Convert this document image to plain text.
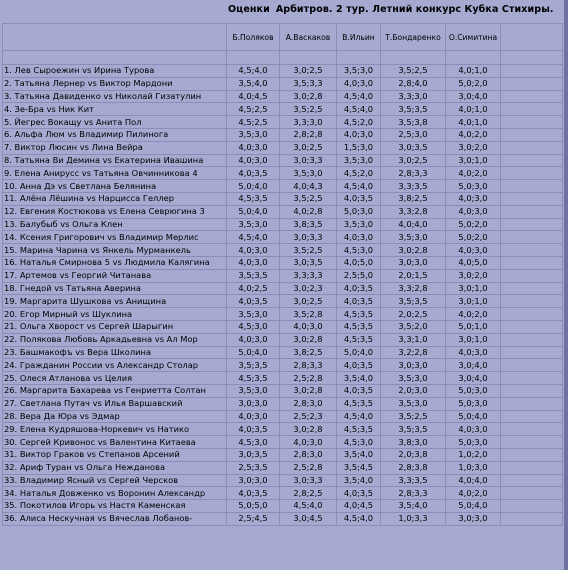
Оценки Арбитров. 2 тур. Летний конкурс Кубка Стихиры.
	Б.Поляков	А.Васкаков	В.Ильин	Т.Бондаренко	О.Симитина	

1. Лев Сыроежин vs Ирина Турова	4,5;4,0	3,0;2,5	3,5;3,0	3,5;2,5	4,0;1,0	
2. Татьяна Лернер vs Виктор Мардони	3,5;4,0	3,5;3,3	4,0;3,0	2,8;4,0	5,0;2,0	
3. Татьяна Давиденко vs Николай Гизатулин	4,0;4,5	3,0;2,8	4,5;4,0	3,3;3,0	3,0;4,0	
4. Зе-Бра vs Ник Кит	4,5;2,5	3,5;2,5	4,5;4,0	3,5;3,5	4,0;1,0	
5. Йегрес Вокащу vs Анита Пол	4,5;2,5	3,3;3,0	4,5;2,0	3,5;3,8	4,0;1,0	
6. Альфа Люм vs Владимир Пилинога	3,5;3,0	2,8;2,8	4,0;3,0	2,5;3,0	4,0;2,0	
7. Виктор Люсин vs Лина Вейра	4,0;3,0	3,0;2,5	1,5;3,0	3,0;3,5	3,0;2,0	
8. Татьяна Ви Демина vs Екатерина Ивашина	4,0;3,0	3,0;3,3	3,5;3,0	3,0;2,5	3,0;1,0	
9. Елена Анирусс vs Татьяна Овчинникова 4	4,0;3,5	3,5;3,0	4,5;2,0	2,8;3,3	4,0;2,0	
10. Анна Дэ vs Светлана Белянина	5,0;4,0	4,0;4,3	4,5;4,0	3,3;3,5	5,0;3,0	
11. Алёна Лёшина vs Нарцисса Геллер	4,5;3,5	3,5;2,5	4,0;3,5	3,8;2,5	4,0;3,0	
12. Евгения Костюкова vs Елена Севрюгина 3	5,0;4,0	4,0;2,8	5,0;3,0	3,3;2,8	4,0;3,0	
13. Балубыб vs Ольга Клен	3,5;3,0	3,8;3,5	3,5;3,0	4,0;4,0	5,0;2,0	
14. Ксения Григорович vs Владимир Мерлис	4,5;4,0	3,0;3,3	4,0;3,0	3,5;3,0	5,0;2,0	
15. Марина Чарина vs Янкель Мурманкель	4,0;3,0	3,5;2,5	4,5;3,0	3,0;2,8	4,0;3,0	
16. Наталья Смирнова 5 vs Людмила Калягина	4,0;3,0	3,0;3,5	4,0;5,0	3,0;3,0	4,0;5,0	
17. Артемов vs Георгий Читанава	3,5;3,5	3,3;3,3	2,5;5,0	2,0;1,5	3,0;2,0	
18. Гнедой vs Татьяна Аверина	4,0;2,5	3,0;2,3	4,0;3,5	3,3;2,8	3,0;1,0	
19. Маргарита Шушкова vs Анищина	4,0;3,5	3,0;2,5	4,0;3,5	3,5;3,5	3,0;1,0	
20. Егор Мирный vs Шуклина	3,5;3,0	3,5;2,8	4,5;3,5	2,0;2,5	4,0;2,0	
21. Ольга Хворост vs Сергей Шарыгин	4,5;3,0	4,0;3,0	4,5;3,5	3,5;2,0	5,0;1,0	
22. Полякова Любовь Аркадьевна vs Ал Мор	4,0;3,0	3,0;2,8	4,5;3,5	3,3;1,0	3,0;1,0	
23. Башмакофъ vs Вера Школина	5,0;4,0	3,8;2,5	5,0;4,0	3,2;2,8	4,0;3,0	
24. Гражданин России vs Александр Столар	3,5;3,5	2,8;3,3	4,0;3,5	3,0;3,0	3,0;4,0	
25. Олеся Атланова vs Целия	4,5;3,5	2,5;2,8	3,5;4,0	3,5;3,0	3,0;4,0	
26. Маргарита Бахарева vs Генриетта Солтан	3,5;3,0	3,0;2,8	4,0;3,5	2,0;3,0	5,0;3,0	
27. Светлана Путач vs Илья Варшавский	3,0;3,0	2,8;3,0	4,5;3,5	3,5;3,0	5,0;3,0	
28. Вера Да Юра vs Эдмар	4,0;3,0	2,5;2,3	4,5;4,0	3,5;2,5	5,0;4,0	
29. Елена Кудряшова-Норкевич vs Натико	4,0;3,5	3,0;2,8	4,5;3,5	3,5;3,5	4,0;3,0	
30. Сергей Кривонос vs Валентина Китаева	4,5;3,0	4,0;3,0	4,5;3,0	3,8;3,0	5,0;3,0	
31. Виктор Граков vs Степанов Арсений	3,0;3,5	2,8;3,0	3,5;4,0	2,0;3,8	1,0;2,0	
32. Ариф Туран vs Ольга Нежданова	2,5;3,5	2,5;2,8	3,5;4,5	2,8;3,8	1,0;3,0	
33. Владимир Ясный vs Сергей Черсков	3,0;3,0	3,0;3,3	3,5;4,0	3,3;3,5	4,0;4,0	
34. Наталья Довженко vs Воронин Александр	4,0;3,5	2,8;2,5	4,0;3,5	2,8;3,3	4,0;2,0	
35. Покотилов Игорь vs Настя Каменская	5,0;5,0	4,5;4,0	4,0;4,5	3,5;4,0	5,0;4,0	
36. Алиса Нескучная vs Вячеслав Лобанов-	2,5;4,5	3,0;4,5	4,5;4,0	1,0;3,3	3,0;3,0	
